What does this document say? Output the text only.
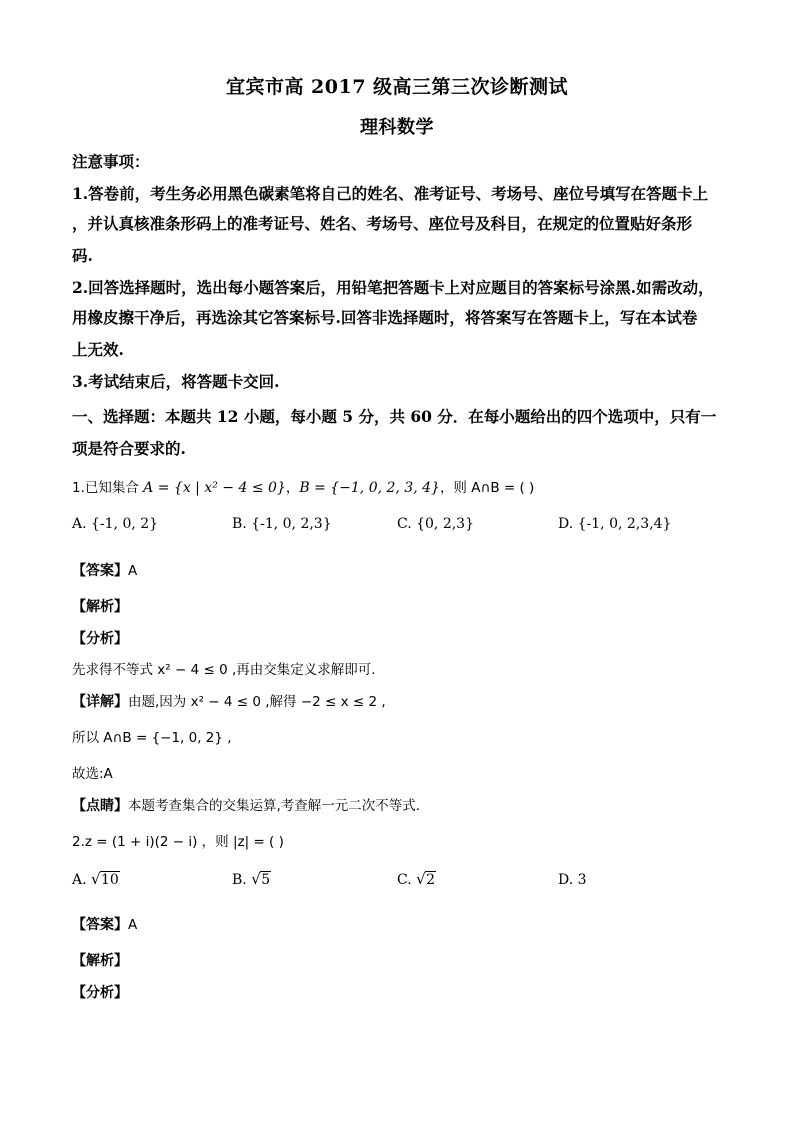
宜宾市高 2017 级高三第三次诊断测试
理科数学
注意事项：
1.答卷前，考生务必用黑色碳素笔将自己的姓名、准考证号、考场号、座位号填写在答题卡上
，并认真核准条形码上的准考证号、姓名、考场号、座位号及科目，在规定的位置贴好条形
码.
2.回答选择题时，选出每小题答案后，用铅笔把答题卡上对应题目的答案标号涂黑.如需改动，
用橡皮擦干净后，再选涂其它答案标号.回答非选择题时，将答案写在答题卡上，写在本试卷
上无效.
3.考试结束后，将答题卡交回.
一、选择题：本题共 12 小题，每小题 5 分，共 60 分．在每小题给出的四个选项中，只有一
项是符合要求的.
1.已知集合 A = {x | x² − 4 ≤ 0}，B = {−1, 0, 2, 3, 4}，则 A∩B = ( )
A. {-1, 0, 2}	B. {-1, 0, 2,3}	C. {0, 2,3}	D. {-1, 0, 2,3,4}
【答案】A
【解析】
【分析】
先求得不等式 x² − 4 ≤ 0 ,再由交集定义求解即可.
【详解】由题,因为 x² − 4 ≤ 0 ,解得 −2 ≤ x ≤ 2 ,
所以 A∩B = {−1, 0, 2} ,
故选:A
【点睛】本题考查集合的交集运算,考查解一元二次不等式.
2.z = (1 + i)(2 − i) ，则 |z| = ( )
A. √ 10	B. √ 5	C. √ 2	D. 3
【答案】A
【解析】
【分析】
